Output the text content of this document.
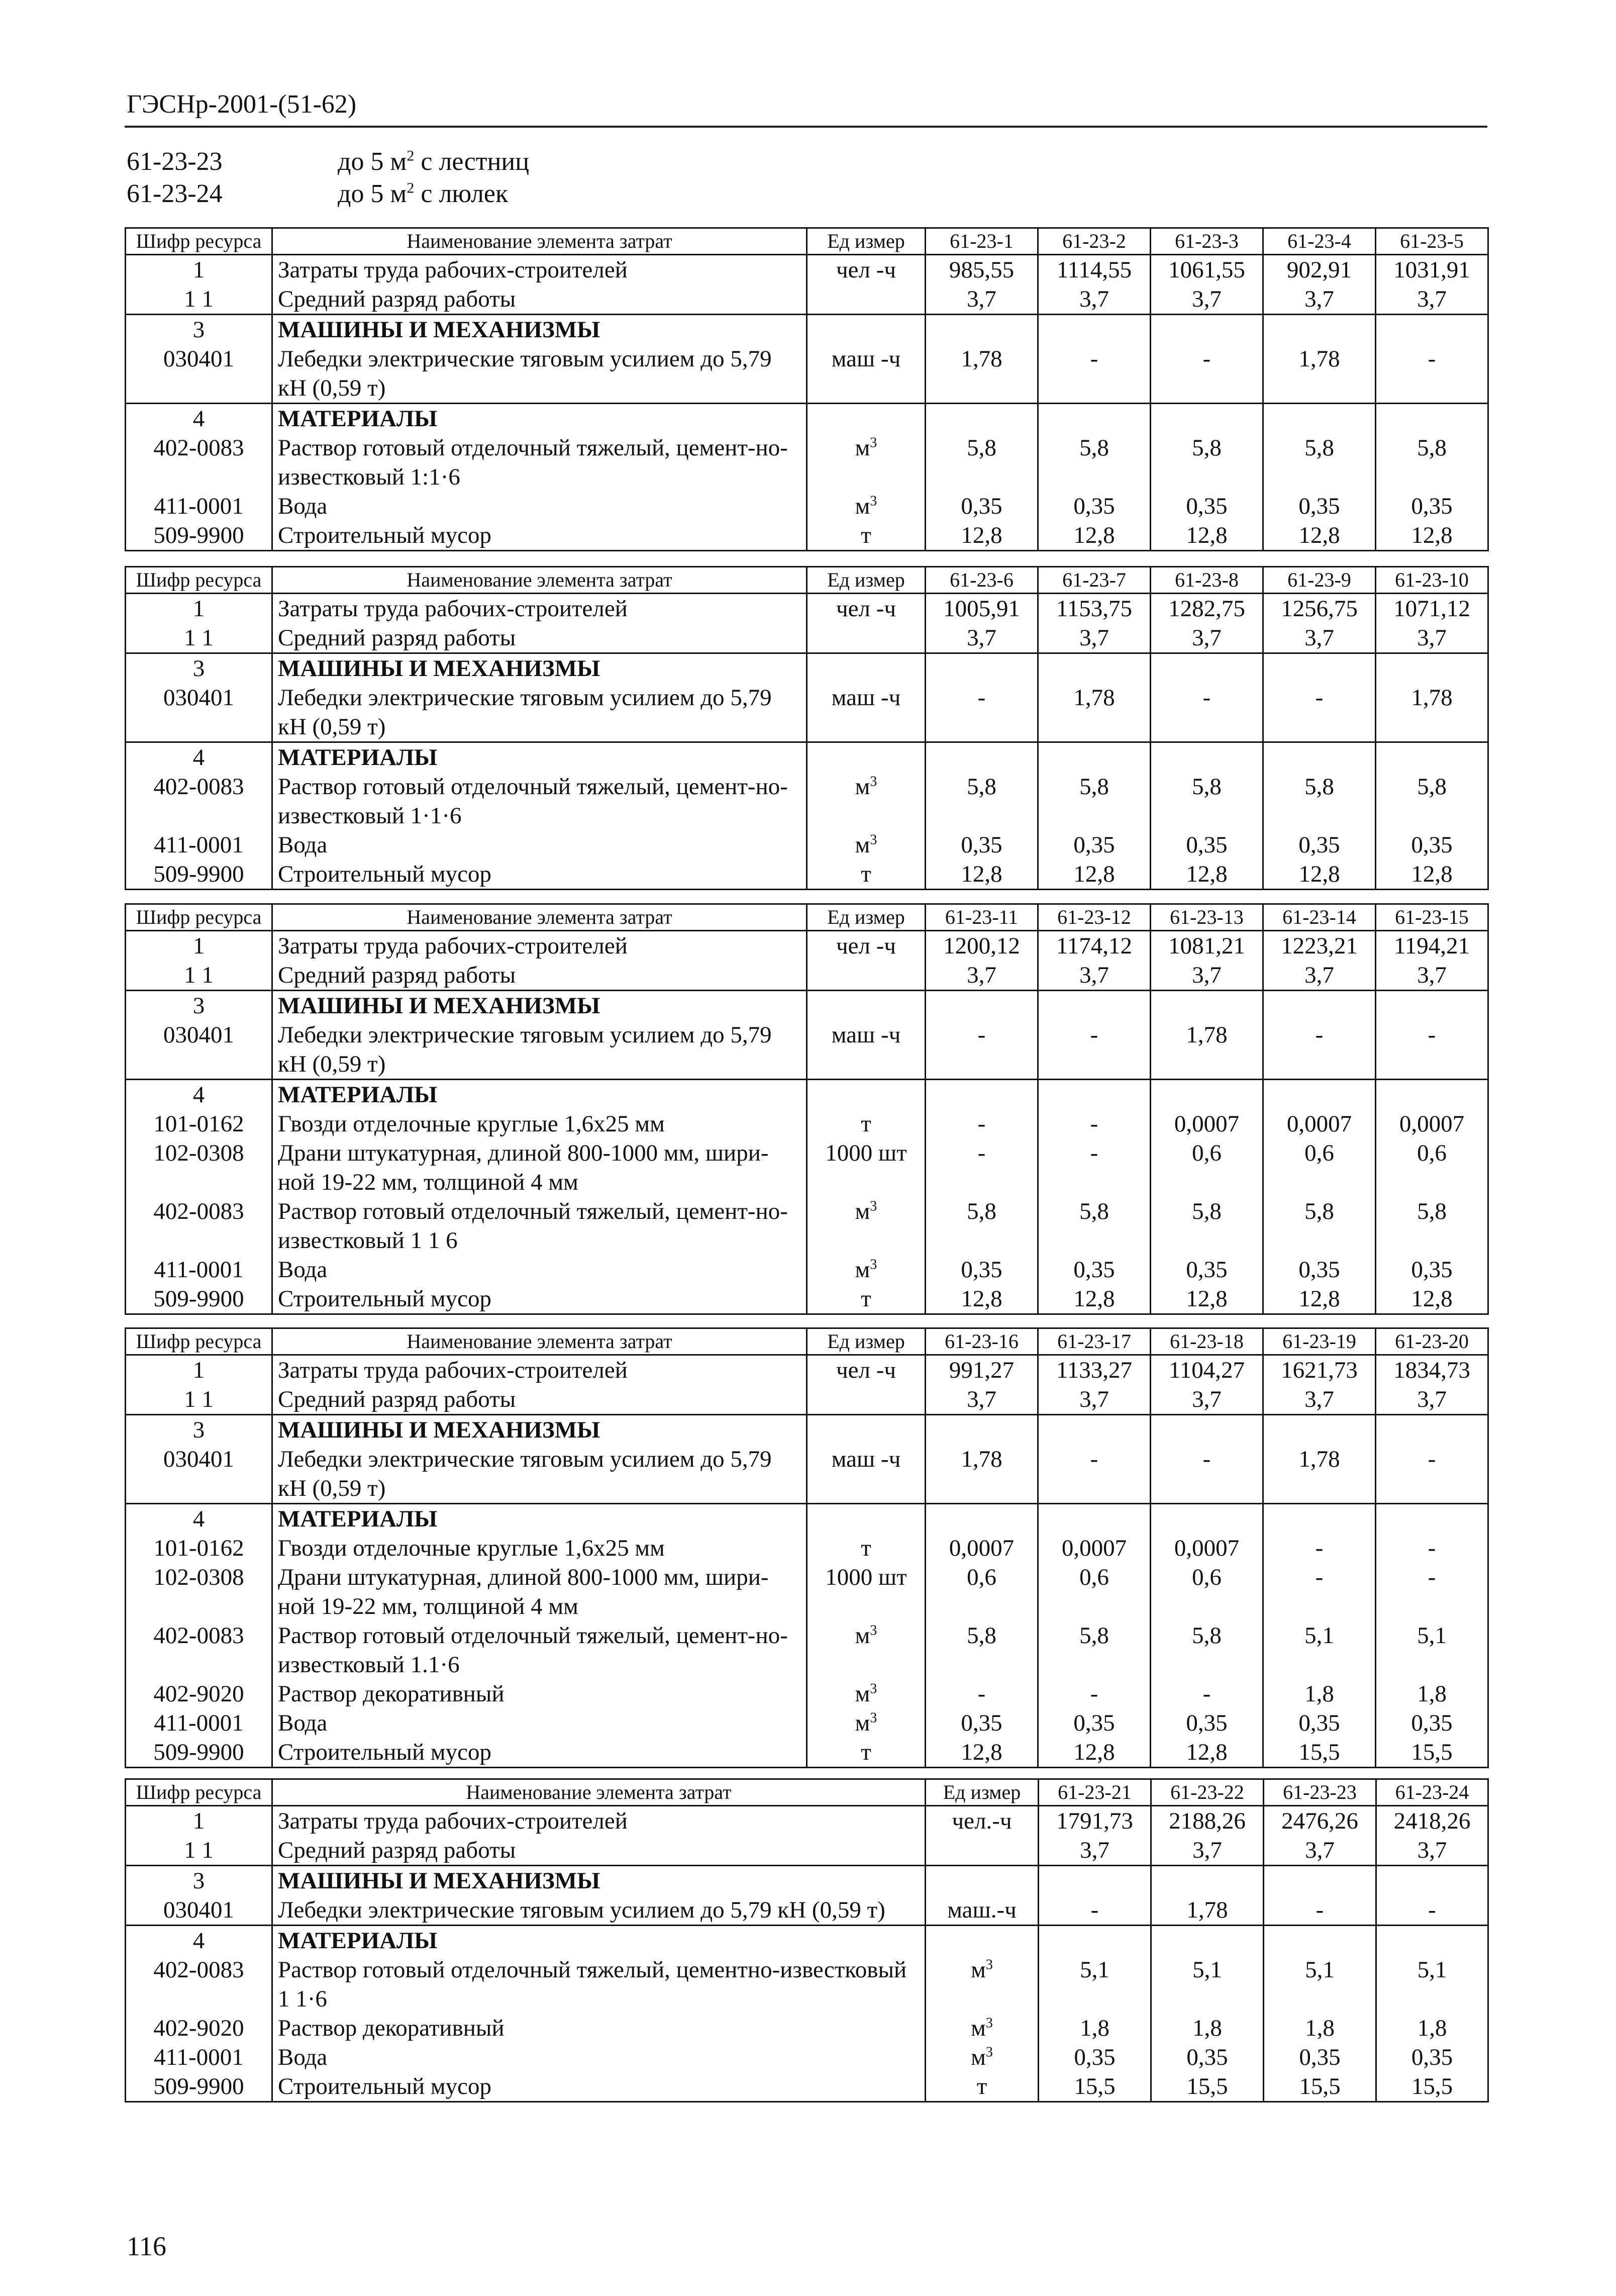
ГЭСНр-2001-(51-62)
61-23-23	до 5 $м^2$ с лестниц
61-23-24	до 5 $м^2$ с люлек
Шифр ресурса	Наименование элемента затрат	Ед измер	61-23-1	61-23-2	61-23-3	61-23-4	61-23-5
1	Затраты труда рабочих-строителей	чел -ч	985,55	1114,55	1061,55	902,91	1031,91
1 1	Средний разряд работы		3,7	3,7	3,7	3,7	3,7
3	МАШИНЫ И МЕХАНИЗМЫ						
030401	Лебедки электрические тяговым усилием до 5,79 кН (0,59 т)	маш -ч	1,78	-	-	1,78	-
4	МАТЕРИАЛЫ						
402-0083	Раствор готовый отделочный тяжелый, цемент-но-известковый 1:1·6	$м^3$	5,8	5,8	5,8	5,8	5,8
411-0001	Вода	$м^3$	0,35	0,35	0,35	0,35	0,35
509-9900	Строительный мусор	т	12,8	12,8	12,8	12,8	12,8
Шифр ресурса	Наименование элемента затрат	Ед измер	61-23-6	61-23-7	61-23-8	61-23-9	61-23-10
1	Затраты труда рабочих-строителей	чел -ч	1005,91	1153,75	1282,75	1256,75	1071,12
1 1	Средний разряд работы		3,7	3,7	3,7	3,7	3,7
3	МАШИНЫ И МЕХАНИЗМЫ						
030401	Лебедки электрические тяговым усилием до 5,79 кН (0,59 т)	маш -ч	-	1,78	-	-	1,78
4	МАТЕРИАЛЫ						
402-0083	Раствор готовый отделочный тяжелый, цемент-но-известковый 1·1·6	$м^3$	5,8	5,8	5,8	5,8	5,8
411-0001	Вода	$м^3$	0,35	0,35	0,35	0,35	0,35
509-9900	Строительный мусор	т	12,8	12,8	12,8	12,8	12,8
Шифр ресурса	Наименование элемента затрат	Ед измер	61-23-11	61-23-12	61-23-13	61-23-14	61-23-15
1	Затраты труда рабочих-строителей	чел -ч	1200,12	1174,12	1081,21	1223,21	1194,21
1 1	Средний разряд работы		3,7	3,7	3,7	3,7	3,7
3	МАШИНЫ И МЕХАНИЗМЫ						
030401	Лебедки электрические тяговым усилием до 5,79 кН (0,59 т)	маш -ч	-	-	1,78	-	-
4	МАТЕРИАЛЫ						
101-0162	Гвозди отделочные круглые 1,6х25 мм	т	-	-	0,0007	0,0007	0,0007
102-0308	Драни штукатурная, длиной 800-1000 мм, шири-ной 19-22 мм, толщиной 4 мм	1000 шт	-	-	0,6	0,6	0,6
402-0083	Раствор готовый отделочный тяжелый, цемент-но-известковый 1 1 6	$м^3$	5,8	5,8	5,8	5,8	5,8
411-0001	Вода	$м^3$	0,35	0,35	0,35	0,35	0,35
509-9900	Строительный мусор	т	12,8	12,8	12,8	12,8	12,8
Шифр ресурса	Наименование элемента затрат	Ед измер	61-23-16	61-23-17	61-23-18	61-23-19	61-23-20
1	Затраты труда рабочих-строителей	чел -ч	991,27	1133,27	1104,27	1621,73	1834,73
1 1	Средний разряд работы		3,7	3,7	3,7	3,7	3,7
3	МАШИНЫ И МЕХАНИЗМЫ						
030401	Лебедки электрические тяговым усилием до 5,79 кН (0,59 т)	маш -ч	1,78	-	-	1,78	-
4	МАТЕРИАЛЫ						
101-0162	Гвозди отделочные круглые 1,6х25 мм	т	0,0007	0,0007	0,0007	-	-
102-0308	Драни штукатурная, длиной 800-1000 мм, шири-ной 19-22 мм, толщиной 4 мм	1000 шт	0,6	0,6	0,6	-	-
402-0083	Раствор готовый отделочный тяжелый, цемент-но-известковый 1.1·6	$м^3$	5,8	5,8	5,8	5,1	5,1
402-9020	Раствор декоративный	$м^3$	-	-	-	1,8	1,8
411-0001	Вода	$м^3$	0,35	0,35	0,35	0,35	0,35
509-9900	Строительный мусор	т	12,8	12,8	12,8	15,5	15,5
Шифр ресурса	Наименование элемента затрат	Ед измер	61-23-21	61-23-22	61-23-23	61-23-24
1	Затраты труда рабочих-строителей	чел.-ч	1791,73	2188,26	2476,26	2418,26
1 1	Средний разряд работы		3,7	3,7	3,7	3,7
3	МАШИНЫ И МЕХАНИЗМЫ					
030401	Лебедки электрические тяговым усилием до 5,79 кН (0,59 т)	маш.-ч	-	1,78	-	-
4	МАТЕРИАЛЫ					
402-0083	Раствор готовый отделочный тяжелый, цементно-известковый 1 1·6	$м^3$	5,1	5,1	5,1	5,1
402-9020	Раствор декоративный	$м^3$	1,8	1,8	1,8	1,8
411-0001	Вода	$м^3$	0,35	0,35	0,35	0,35
509-9900	Строительный мусор	т	15,5	15,5	15,5	15,5
116
